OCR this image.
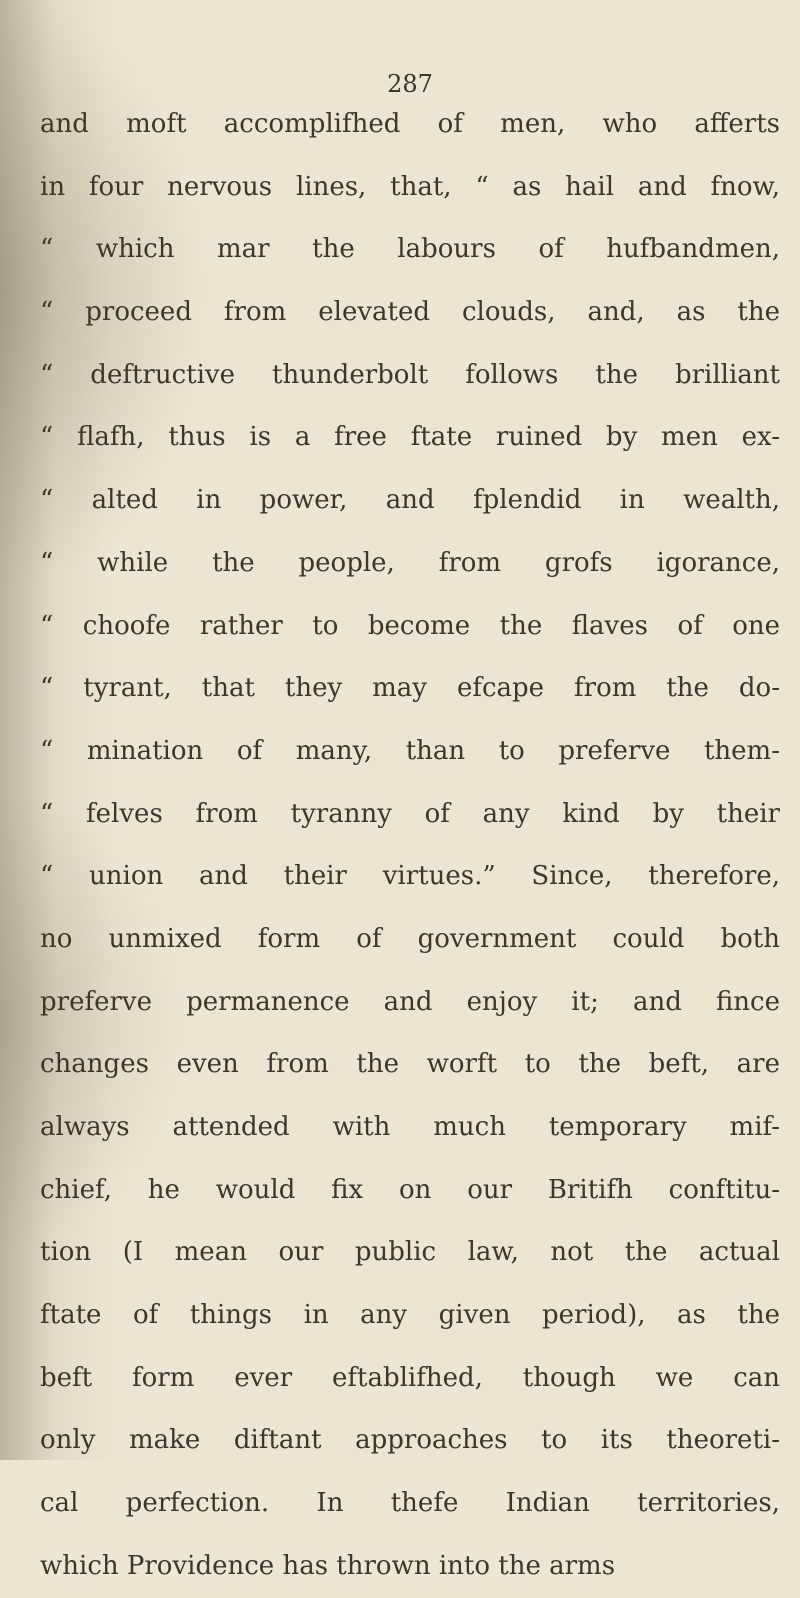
287
and moft accomplifhed of men, who afferts
in four nervous lines, that, “ as hail and fnow,
“ which mar the labours of hufbandmen,
“ proceed from elevated clouds, and, as the
“ deftructive thunderbolt follows the brilliant
“ flafh, thus is a free ftate ruined by men ex-
“ alted in power, and fplendid in wealth,
“ while the people, from grofs igorance,
“ choofe rather to become the flaves of one
“ tyrant, that they may efcape from the do-
“ mination of many, than to preferve them-
“ felves from tyranny of any kind by their
“ union and their virtues.” Since, therefore,
no unmixed form of government could both
preferve permanence and enjoy it; and fince
changes even from the worft to the beft, are
always attended with much temporary mif-
chief, he would fix on our Britifh conftitu-
tion (I mean our public law, not the actual
ftate of things in any given period), as the
beft form ever eftablifhed, though we can
only make diftant approaches to its theoreti-
cal perfection. In thefe Indian territories,
which Providence has thrown into the arms
